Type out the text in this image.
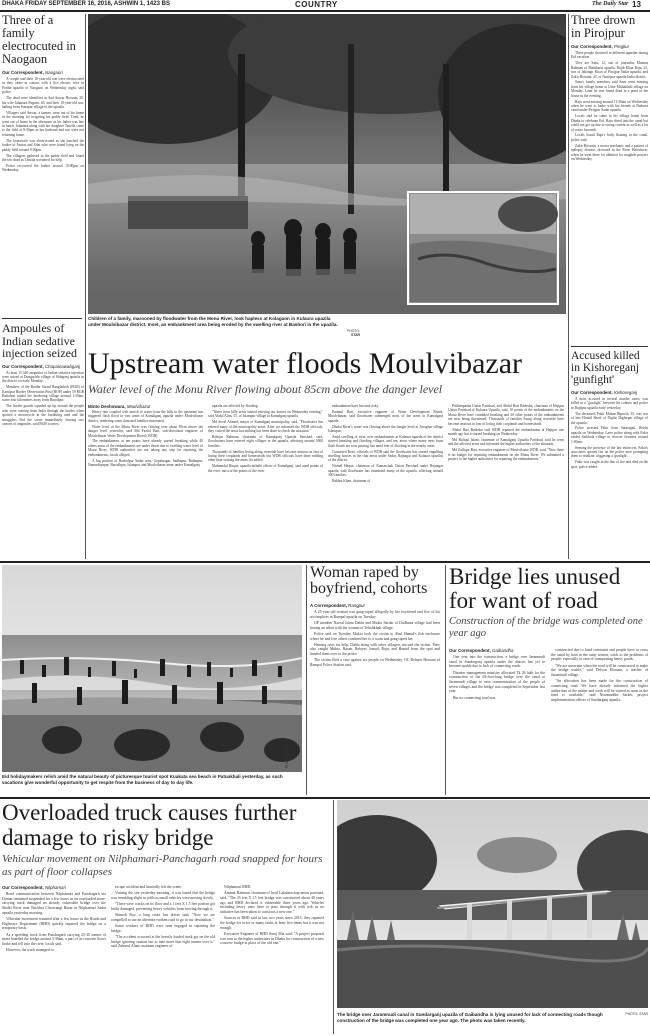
DHAKA FRIDAY SEPTEMBER 16, 2016, ASHWIN 1, 1423 BS	COUNTRY	The Daily Star 13
Three of a family electrocuted in Naogaon
Our Correspondent, Naogaon

A couple and their 10-year-old son were electrocuted as they came in contact with a live electric wire in Portha upazila of Naogaon on Wednesday night, said police.

The dead were identified as Sad Anwar Hossain, 50, his wife Jahanara Begum, 40, and their 10-year-old son, hailing from Sonapur village of the upazila.

Villagers said Anwar, a farmer, went out of his home in the morning for irrigating his paddy field. Tired, he went out of home in the afternoon as his father was late in lunch. Jahanara along with her daughter Tanzila came to the field at 8:30pm as her husband and son were not returning home.

The housewife was electrocuted as she touched the bodies of Anwar and Sifat who were found lying on the paddy field around 9:00pm.

The villagers gathered in the paddy field and found the trio dead as Tanzila screamed for help.

Police recovered the bodies around 10:00pm on Wednesday.

Ampoules of Indian sedative injection seized
Our Correspondent, Chapainawabganj

At least 15,540 ampoules of Indian sedative injection were seized at Dongachhi village of Shibganj upazila in the district on early Monday.

Members of the Border Guard Bangladesh (BGB) of Karulpur Border Observation Post (BOP) under 59 BGB Battalion raided the bordering village around 1:30am, some four kilometres away from Binodpur.

The border guards squaded up tip around the people who were coming from India through the border when spotted a motorcycle in the bordering area and the smugglers fled the scene immediately leaving two cartons of ampoules, said BGB sources.

Children of a family, marooned by floodwater from the Monu River, look hapless at Kolagaon in Kulaura upazila under Moulvibazar district. Inset, an embankment area being eroded by the swelling river at Bashori in the upazila.
PHOTO:
STAR
Upstream water floods Moulvibazar
Water level of the Monu River flowing about 85cm above the danger level
Minto Deshowara, Moulvibazar

Heavy rain coupled with inrush of water from the hills in the upstream has triggered flash flood in vast areas of Kamalganj upazila under Moulvibazar district, rendering some thousand families marooned.

Water level of the Monu River was flowing over about 85cm above the danger level yesterday, said Md Fazlul Bari, sub-divisional engineer of Moulvibazar Water Development Board (WDB).

The embankments at ten points have already started breaking while 40 others areas of the embankments are under threat due to swelling water level of Monu River, WDB authorities are not taking any step for repairing the embankments, locals alleged.

A big portion of Rashidpur Sadar area, Gopalnagar, Sadhapur, Balimpur, Nunurdayapur, Barodhpur, Islampur and Moulvibazar areas under Kamalganj

upazila are affected by flooding.

"Water from hilly areas started entering our homes on Wednesday evening," said Abdul Alim, 55, of Islampur village in Kamalganj upazila.

Md Jewel Ahmed, mayor of Kamalganj municipality, said, "Floodwater has entered many of the municipality areas. After we informed the WDB officials, they visited the areas but nothing has been done to check the situation."

Rafiqur Rahman, chairman of Kamalganj Upazila Parishad, said, floodwaters have entered eight villages in the upazila, affecting around 5000 families.

Thousands of families living along riverside have become anxious in fear of losing their croplands and homesteads but WDB officials have done nothing other than visiting the areas, he added.

Mahmudul Haque, upazila nirbahi officer of Kamalganj, said areal points of the river, most of the points of the river

embankment have become risky.

Enamul Bari, executive engineer of Water Development Board, Moulvibazar, said floodwater submerged most of the areas in Kamalganj upazila.

Dhalai River's water was flowing above the danger level at Joyaghar village Islampur.

Amid swelling of river, new embankments at Kulaura upazila of the district started breaking and flooding villages, and ten, areas where many trees from flash floods are now passing fast amid fear of flooding in the nearby areas.

Contacted Roni, officials of WDB said the floodwater has started engulfing dwelling houses in the char areas under Sadar, Rajnagar and Kulaura upazilas of the district.

Nirmal Haque, chairman of Kamarchak Union Parishad under Rajnagar upazila, said floodwater has inundated many of the upazila, affecting around 300 families.

Bakhot Khan, chairman of

Prithimpasha Union Parishad, and Abdul Bari Badesha, chairman of Hajipur Union Parishad of Kulaura Upazila, said, 10 points of the embankments on the Monu River have crumbled breaking and 40 other points of the embankments are now being threatened. Thousands of families living along riverside have become anxious in fear of losing their croplands and homesteads.

Abdul Bari Badesha said WDB repaired the embankment at Hajipur one month ago but it started breaking on Wednesday.

Md Rafiqul Islam, chairman of Kamalganj Upazila Parishad, said he went and the affected areas and informed the higher authorities of the situation.

Md Zulfiqar Bari, executive engineer of Moulvibazar WDB, said, "Now there is no budget for repairing embankments on the Monu River. We submitted a project to the higher authorities for repairing the embankments."

Three drown in Pirojpur
Our Correspondent, Pirojpur

Three people drowned in different upazilas during Eid vacation.

They are Sazu, 12, son of journalist Monzur Rahman of Mathbaria upazila, Rajib Khan Raju, 25, son of Jahangir Khan of Pirojpur Sadar upazila, and Zakir Hossain, 45, of Nazirpur upazila India district.

Sazu's family members said Sazu went missing from his village home at Uttor Mithakhali village on Monday. Later he was found dead in a pond of the house in the evening.

Raju went missing around 11:30am on Wednesday when he went to bathe with his friends at Badurra canal under Pirojpur Sadar upazila.

Locals said he came to his village home from Dhaka to celebrate Eid. Raju dived into the canal but could not get up due to strong current as well as a lot of water hyacinth.

Locals found Raju's body floating in the canal, police said.

Zakir Hossain, a motor mechanic and a patient of epilepsy disease, drowned in the River Baleshwar, when he went there for ablution for maghrib prayers on Wednesday.

Accused killed in Kishoreganj 'gunfight'
Our Correspondent, Kishoreganj

A man, accused in several murder cases, was killed in a "gunfight" between his cohorts and police in Bajitpur upazila early yesterday.

The deceased, Fakir Mohan Biprosh, 35, was son of late Hiralal Sheel of Dighir Dighirpar village of the upazila.

Police arrested Fakir from Sararagati, Beldir upazila on Wednesday. Later police along with Fakir raided Satkhola village to recover firearms around 1:00am.

Sensing the presence of the law enforcers, Fakir's associates opened fire on the police men prompting them to retaliate, triggering a 'gunfight'.

Fakir was caught in the line of fire and died on the spot, police added.

PHOTO: STAR
Eid holidaymakers relish amid the natural beauty of picturesque tourist spot Kuakata sea beach in Patuakhali yesterday, as such vacations give wonderful opportunity to get respite from the business of day to day life.
Woman raped by boyfriend, cohorts
A Correspondent, Rangpur

A 25-year-old woman was gang-raped allegedly by her boyfriend and five of his accomplices in Rampal upazila on Tuesday.

OP member Nazrul Islam Dablu and Mukto Sardar of Dudhmia village had been having an affair with the woman of Tekalikhali village.

Police said on Tuesday Mukto took the victim to Abul Hamid's fish enclosure where he and five others confined her to a room and gang raped her.

Hearing cries for help, Dablu along with other villagers rescued the victim. They also caught Mukto, Hasan, Belayet, Ismail, Raju, and Hamid from the spot and handed them over to the police.

The victim filed a case against six people on Wednesday, OC Belayet Hossain of Rampal Police Station said.

Bridge lies unused for want of road
Construction of the bridge was completed one year ago
Our Correspondent, Gaibandha

One year into the construction, a bridge over Jaramnudi canal in Sundarganj upazila under the district has yet to become usable due to lack of connecting roads.

Disaster management ministry allocated Tk 26 lakh for the construction of the 63-foot-long bridge over the canal at Jaramnudi village to ease communication of the people of seven villages and the bridge was completed in September last year.

But no connecting road was

constructed due to fund constraint and people have to cross the canal by boat in the rainy season, stuck to the problems of people, especially in case of transporting heavy goods.

"We are uncertain when the road will be constructed to make the bridge usable," said Delwar Hossain, a teacher of Jaramnudi village.

"An allocation has been made for the construction of connecting road. We have already informed the higher authorities of the matter and work will be started as soon as the fund is available," said Nizamuddin Sarker, project implementation officer of Sundarganj upazila.

Overloaded truck causes further damage to risky bridge
Vehicular movement on Nilphamari-Panchagarh road snapped for hours as part of floor collapses
Our Correspondent, Nilphamari

Road communication between Nilphamari and Panchagarh via Domar remained suspended for a few hours as an overloaded stone-carrying truck damaged an already vulnerable bridge over the Shalki River near Bachhra Chowrangi Bazar in Nilphamari Sadar upazila yesterday morning.

Vehicular movement resumed after a few hours as the Roads and Highways Department (RHD) quickly repaired the bridge on a temporary basis.

As a speeding truck from Panchagarh carrying 25-30 tonnes of stone boarded the bridge around 3:30am, a part of its concrete floors broke and fell into the river, locals said.

However, the truck managed to

escape accident and hurriedly left the scene.

Visiting the site yesterday morning, it was found that the bridge was trembling slight in joltls as small vehicles were moving slowly.

"There were cracks on its floor and a 1 feet X 1.5 feet portion got badly damaged, preventing heavy vehicles from moving through it.

Shimoh Roy, a long route bus driver said, "Now we are compelled to use an alternate earthen road to go to our destination."

Some workers of RHD were seen engaged in repairing the bridge.

"The accident occurred at the heavily loaded truck got on the old bridge ignoring caution but to take more that eight tonnes over it," said Zuhurul Alam, assistant engineer of

Nilphamari RHD.

Aminur Rahman, chairman of local Lakshmichap union parishad, said, "The 35 feet X 15 feet bridge was constructed about 40 years ago and RHD declared it vulnerable three years ago. Vehicles including heavy ones have to pass through it with risk as no initiative has been taken to construct a new one."

Sources in RHD said in last two years since 2015, they repaired the bridge for twice or many faults at least five times but it was not enough.

Executive Engineer of RHD Saroj Mia said, "A project proposal was sent to the higher authorities in Dhaka for construction of a new concrete bridge in place of the old one."

The bridge over Jaramnudi canal in Sundarganj upazila of Gaibandha is lying unused for lack of connecting roads though construction of the bridge was completed one year ago. The photo was taken recently.
PHOTO: STAR
